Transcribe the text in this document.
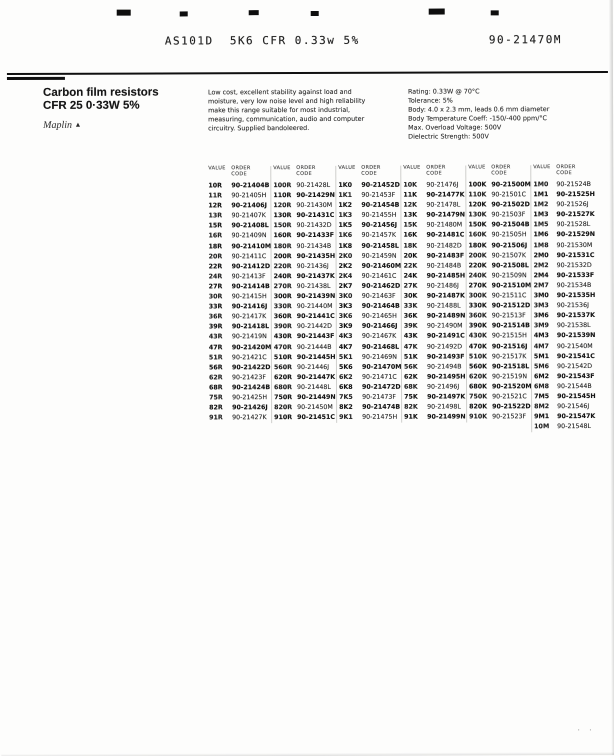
AS101D  5K6 CFR 0.33w 5%	90-21470M
Carbon film resistors
CFR 25 0·33W 5%
Maplin ▲

Low cost, excellent stability against load and moisture, very low noise level and high reliability make this range suitable for most industrial, measuring, communication, audio and computer circuitry. Supplied bandoleered.

Rating: 0.33W @ 70°C
Tolerance: 5%
Body: 4.0 x 2.3 mm, leads 0.6 mm diameter
Body Temperature Coeff: -150/-400 ppm/°C
Max. Overload Voltage: 500V
Dielectric Strength: 500V
VALUE	ORDER
CODE
10R	90-21404B
11R	90-21405H
12R	90-21406J
13R	90-21407K
15R	90-21408L
16R	90-21409N
18R	90-21410M
20R	90-21411C
22R	90-21412D
24R	90-21413F
27R	90-21414B
30R	90-21415H
33R	90-21416J
36R	90-21417K
39R	90-21418L
43R	90-21419N
47R	90-21420M
51R	90-21421C
56R	90-21422D
62R	90-21423F
68R	90-21424B
75R	90-21425H
82R	90-21426J
91R	90-21427K
VALUE	ORDER
CODE
100R 90-21428L
110R 90-21429N
120R 90-21430M
130R 90-21431C
150R 90-21432D
160R 90-21433F
180R 90-21434B
200R 90-21435H
220R 90-21436J
240R 90-21437K
270R 90-21438L
300R 90-21439N
330R 90-21440M
360R 90-21441C
390R 90-21442D
430R 90-21443F
470R 90-21444B
510R 90-21445H
560R 90-21446J
620R 90-21447K
680R 90-21448L
750R 90-21449N
820R 90-21450M
910R 90-21451C
VALUE	ORDER
CODE
1K0	90-21452D
1K1	90-21453F
1K2	90-21454B
1K3	90-21455H
1K5	90-21456J
1K6	90-21457K
1K8	90-21458L
2K0	90-21459N
2K2	90-21460M
2K4	90-21461C
2K7	90-21462D
3K0	90-21463F
3K3	90-21464B
3K6	90-21465H
3K9	90-21466J
4K3	90-21467K
4K7	90-21468L
5K1	90-21469N
5K6	90-21470M
6K2	90-21471C
6K8	90-21472D
7K5	90-21473F
8K2	90-21474B
9K1	90-21475H
VALUE	ORDER
CODE
10K	90-21476J
11K	90-21477K
12K	90-21478L
13K	90-21479N
15K	90-21480M
16K	90-21481C
18K	90-21482D
20K	90-21483F
22K	90-21484B
24K	90-21485H
27K	90-21486J
30K	90-21487K
33K	90-21488L
36K	90-21489N
39K	90-21490M
43K	90-21491C
47K	90-21492D
51K	90-21493F
56K	90-21494B
62K	90-21495H
68K	90-21496J
75K	90-21497K
82K	90-21498L
91K	90-21499N
VALUE	ORDER
CODE
100K 90-21500M
110K 90-21501C
120K 90-21502D
130K 90-21503F
150K 90-21504B
160K 90-21505H
180K 90-21506J
200K 90-21507K
220K 90-21508L
240K 90-21509N
270K 90-21510M
300K 90-21511C
330K 90-21512D
360K 90-21513F
390K 90-21514B
430K 90-21515H
470K 90-21516J
510K 90-21517K
560K 90-21518L
620K 90-21519N
680K 90-21520M
750K 90-21521C
820K 90-21522D
910K 90-21523F
VALUE	ORDER
CODE
1M0	90-21524B
1M1	90-21525H
1M2	90-21526J
1M3	90-21527K
1M5	90-21528L
1M6	90-21529N
1M8	90-21530M
2M0	90-21531C
2M2	90-21532D
2M4	90-21533F
2M7	90-21534B
3M0	90-21535H
3M3	90-21536J
3M6	90-21537K
3M9	90-21538L
4M3	90-21539N
4M7	90-21540M
5M1	90-21541C
5M6	90-21542D
6M2	90-21543F
6M8	90-21544B
7M5	90-21545H
8M2	90-21546J
9M1	90-21547K
10M	90-21548L
· ·
